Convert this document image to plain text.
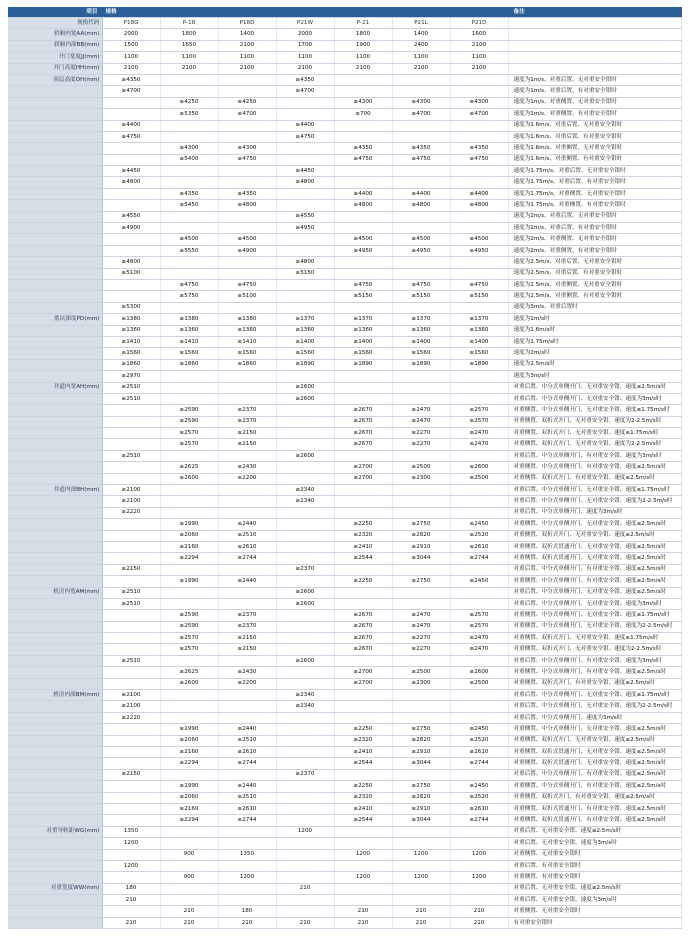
项目	规格							备注
规格代码	P18G	P-18	P18D	P21W	P-21	P21L	P21D	
轿厢内宽AA(mm)	2000	1800	1400	2000	1800	1400	1600	
轿厢内深BB(mm)	1500	1650	2100	1700	1900	2400	2100	
开门宽度JJ(mm)	1100	1100	1100	1100	1100	1100	1100	
开门高度HH(mm)	2100	2100	2100	2100	2100	2100	2100	
顶层高度OH(mm)	≥4350			≥4350				速度为1m/s、对重后置、无对重安全钳时
	≥4700			≥4700				速度为1m/s、对重后置、有对重安全钳时
		≥4250	≥4250		≥4300	≥4300	≥4300	速度为1m/s、对重侧置、无对重安全钳时
		≥5350	≥4700		≥700	≥4700	≥4700	速度为1m/s、对重侧置、有对重安全钳时
	≥4400			≥4400				速度为1.6m/s、对重后置、无对重安全钳时
	≥4750			≥4750				速度为1.6m/s、对重后置、有对重安全钳时
		≥4300	≥4300		≥4350	≥4350	≥4350	速度为1.6m/s、对重侧置、无对重安全钳时
		≥5400	≥4750		≥4750	≥4750	≥4750	速度为1.6m/s、对重侧置、有对重安全钳时
	≥4450			≥4450				速度为1.75m/s、对重后置、无对重安全钳时
	≥4800			≥4800				速度为1.75m/s、对重后置、有对重安全钳时
		≥4350	≥4350		≥4400	≥4400	≥4400	速度为1.75m/s、对重侧置、无对重安全钳时
		≥5450	≥4800		≥4800	≥4800	≥4800	速度为1.75m/s、对重侧置、有对重安全钳时
	≥4550			≥4550				速度为2m/s、对重后置、无对重安全钳时
	≥4900			≥4950				速度为2m/s、对重后置、有对重安全钳时
		≥4500	≥4500		≥4500	≥4500	≥4500	速度为2m/s、对重侧置、无对重安全钳时
		≥5550	≥4900		≥4950	≥4950	≥4950	速度为2m/s、对重侧置、有对重安全钳时
	≥4800			≥4800				速度为2.5m/s、对重后置、无对重安全钳时
	≥5100			≥5150				速度为2.5m/s、对重后置、有对重安全钳时
		≥4750	≥4750		≥4750	≥4750	≥4750	速度为2.5m/s、对重侧置、无对重安全钳时
		≥5750	≥5100		≥5150	≥5150	≥5150	速度为2.5m/s、对重侧置、有对重安全钳时
	≥5300							速度为3m/s、对重后置时
底坑深度PD(mm)	≥1380	≥1380	≥1380	≥1370	≥1370	≥1370	≥1370	速度为1m/s时
	≥1360	≥1360	≥1360	≥1360	≥1360	≥1360	≥1360	速度为1.6m/s时
	≥1410	≥1410	≥1410	≥1400	≥1400	≥1400	≥1400	速度为1.75m/s时
	≥1560	≥1560	≥1560	≥1560	≥1560	≥1560	≥1560	速度为2m/s时
	≥1860	≥1860	≥1860	≥1890	≥1890	≥1890	≥1890	速度为2.5m/s时
	≥2970							速度为3m/s时
井道内宽AH(mm)	≥2510			≥2600				对重后置、中分式单侧开门、无对重安全钳、速度≤2.5m/s时
	≥2510			≥2600				对重后置、中分式单侧开门、无对重安全钳、速度为3m/s时
		≥2590	≥2370		≥2670	≥2470	≥2570	对重侧置、中分式单侧开门、无对重安全钳、速度≤1.75m/s时
		≥2590	≥2370		≥2670	≥2470	≥2570	对重侧置、双折式开门、无对重安全钳、速度为2-2.5m/s时
		≥2570	≥2150		≥2670	≥2270	≥2470	对重侧置、双折式开门、无对重安全钳、速度≤1.75m/s时
		≥2570	≥2150		≥2670	≥2270	≥2470	对重侧置、双折式开门、无对重安全钳、速度为2-2.5m/s时
	≥2510			≥2600				对重后置、中分式单侧开门、有对重安全钳、速度为3m/s时
		≥2625	≥2430		≥2700	≥2500	≥2600	对重侧置、中分式单侧开门、有对重安全钳、速度≤2.5m/s时
		≥2600	≥2200		≥2700	≥2300	≥2500	对重侧置、双折式开门、有对重安全钳、速度≤2.5m/s时
井道内深BH(mm)	≥2100			≥2340				对重后置、中分式单侧开门、无对重安全钳、速度≤1.75m/s时
	≥2100			≥2340				对重后置、中分式单侧开门、无对重安全钳、速度为2-2.5m/s时
	≥2220							对重后置、中分式单侧开门、速度为3m/s时
		≥1990	≥2440		≥2250	≥2750	≥2450	对重侧置、中分式单侧开门、无对重安全钳、速度≤2.5m/s时
		≥2060	≥2510		≥2320	≥2820	≥2520	对重侧置、双折式开门、无对重安全钳、速度≤2.5m/s时
		≥2160	≥2610		≥2410	≥2910	≥2610	对重侧置、双折式贯通开门、无对重安全钳、速度≤2.5m/s时
		≥2294	≥2744		≥2544	≥3044	≥2744	对重侧置、双折式贯通开门、无对重安全钳、速度≤2.5m/s时
	≥2150			≥2370				对重后置、中分式单侧开门、有对重安全钳、速度≤2.5m/s时
		≥1990	≥2440		≥2250	≥2750	≥2450	对重侧置、中分式单侧开门、有对重安全钳、速度≤2.5m/s时
机房内宽AM(mm)	≥2510			≥2600				对重后置、中分式单侧开门、无对重安全钳、速度≤2.5m/s时
	≥2510			≥2600				对重后置、中分式单侧开门、无对重安全钳、速度为3m/s时
		≥2590	≥2370		≥2670	≥2470	≥2570	对重侧置、中分式单侧开门、无对重安全钳、速度≤1.75m/s时
		≥2590	≥2370		≥2670	≥2470	≥2570	对重侧置、中分式单侧开门、无对重安全钳、速度为2-2.5m/s时
		≥2570	≥2150		≥2670	≥2270	≥2470	对重侧置、双折式开门、无对重安全钳、速度≤1.75m/s时
		≥2570	≥2150		≥2670	≥2270	≥2470	对重侧置、双折式开门、无对重安全钳、速度为2-2.5m/s时
	≥2510			≥2600				对重后置、中分式单侧开门、有对重安全钳、速度为3m/s时
		≥2625	≥2430		≥2700	≥2500	≥2600	对重侧置、中分式单侧开门、有对重安全钳、速度≤2.5m/s时
		≥2600	≥2200		≥2700	≥2300	≥2500	对重侧置、双折式开门、有对重安全钳、速度≤2.5m/s时
机房内深BM(mm)	≥2100			≥2340				对重后置、中分式单侧开门、无对重安全钳、速度≤1.75m/s时
	≥2100			≥2340				对重后置、中分式单侧开门、无对重安全钳、速度为2-2.5m/s时
	≥2220							对重后置、中分式单侧开门、速度为3m/s时
		≥1990	≥2440		≥2250	≥2750	≥2450	对重侧置、中分式单侧开门、无对重安全钳、速度≤2.5m/s时
		≥2060	≥2510		≥2320	≥2820	≥2520	对重侧置、双折式开门、无对重安全钳、速度≤2.5m/s时
		≥2160	≥2610		≥2410	≥2910	≥2610	对重侧置、双折式贯通开门、无对重安全钳、速度≤2.5m/s时
		≥2294	≥2744		≥2544	≥3044	≥2744	对重侧置、双折式贯通开门、无对重安全钳、速度≤2.5m/s时
	≥2150			≥2370				对重后置、中分式单侧开门、有对重安全钳、速度≤2.5m/s时
		≥1990	≥2440		≥2250	≥2750	≥2450	对重侧置、中分式单侧开门、有对重安全钳、速度≤2.5m/s时
		≥2060	≥2510		≥2320	≥2820	≥2520	对重侧置、双折式开门、有对重安全钳、速度≤2.5m/s时
		≥2160	≥2610		≥2410	≥2910	≥2610	对重侧置、双折式贯通开门、有对重安全钳、速度≤2.5m/s时
		≥2294	≥2744		≥2544	≥3044	≥2744	对重侧置、双折式贯通开门、有对重安全钳、速度≤2.5m/s时
对重导轨距WG(mm)	1350			1200				对重后置、无对重安全钳、速度≤2.5m/s时
	1200							对重后置、无对重安全钳、速度为3m/s时
		900	1350		1200	1200	1200	对重侧置、无对重安全钳时
	1200							对重后置、有对重安全钳时
		900	1200		1200	1200	1200	对重侧置、有对重安全钳时
对重宽度WW(mm)	180			210				对重后置、无对重安全钳、速度≤2.5m/s时
	210							对重后置、无对重安全钳、速度为3m/s时
		210	180		210	210	210	对重侧置、无对重安全钳时
	210	210	210	210	210	210	210	有对重安全钳时
